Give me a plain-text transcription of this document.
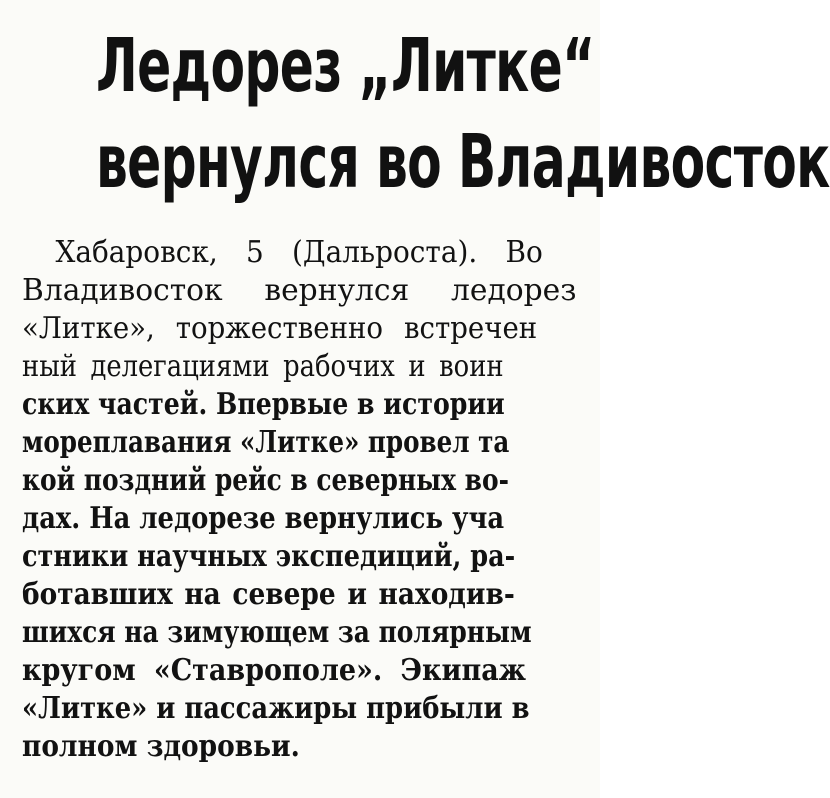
Ледорез „Литке“
вернулся во Владивосток
Хабаровск, 5 (Дальроста). Во
Владивосток вернулся ледорез
«Литке», торжественно встречен
ный делегациями рабочих и воин
ских частей. Впервые в истории
мореплавания «Литке» провел та
кой поздний рейс в северных во-
дах. На ледорезе вернулись уча
стники научных экспедиций, ра-
ботавших на севере и находив-
шихся на зимующем за полярным
кругом «Ставрополе». Экипаж
«Литке» и пассажиры прибыли в
полном здоровьи.
